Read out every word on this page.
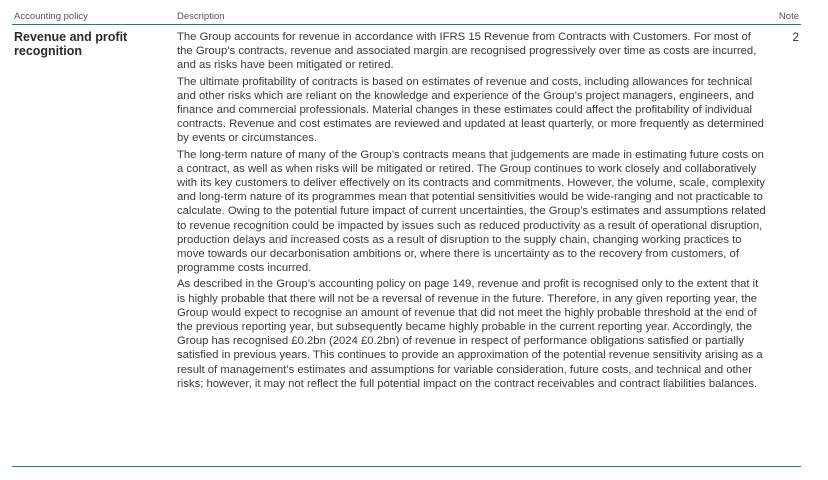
Accounting policy	Description	Note
Revenue and profit recognition

The Group accounts for revenue in accordance with IFRS 15 Revenue from Contracts with Customers. For most of the Group’s contracts, revenue and associated margin are recognised progressively over time as costs are incurred, and as risks have been mitigated or retired.

The ultimate profitability of contracts is based on estimates of revenue and costs, including allowances for technical and other risks which are reliant on the knowledge and experience of the Group’s project managers, engineers, and finance and commercial professionals. Material changes in these estimates could affect the profitability of individual contracts. Revenue and cost estimates are reviewed and updated at least quarterly, or more frequently as determined by events or circumstances.

The long-term nature of many of the Group’s contracts means that judgements are made in estimating future costs on a contract, as well as when risks will be mitigated or retired. The Group continues to work closely and collaboratively with its key customers to deliver effectively on its contracts and commitments. However, the volume, scale, complexity and long-term nature of its programmes mean that potential sensitivities would be wide-ranging and not practicable to calculate. Owing to the potential future impact of current uncertainties, the Group’s estimates and assumptions related to revenue recognition could be impacted by issues such as reduced productivity as a result of operational disruption, production delays and increased costs as a result of disruption to the supply chain, changing working practices to move towards our decarbonisation ambitions or, where there is uncertainty as to the recovery from customers, of programme costs incurred.

As described in the Group’s accounting policy on page 149, revenue and profit is recognised only to the extent that it is highly probable that there will not be a reversal of revenue in the future. Therefore, in any given reporting year, the Group would expect to recognise an amount of revenue that did not meet the highly probable threshold at the end of the previous reporting year, but subsequently became highly probable in the current reporting year. Accordingly, the Group has recognised £0.2bn (2024 £0.2bn) of revenue in respect of performance obligations satisfied or partially satisfied in previous years. This continues to provide an approximation of the potential revenue sensitivity arising as a result of management’s estimates and assumptions for variable consideration, future costs, and technical and other risks; however, it may not reflect the full potential impact on the contract receivables and contract liabilities balances.

2
